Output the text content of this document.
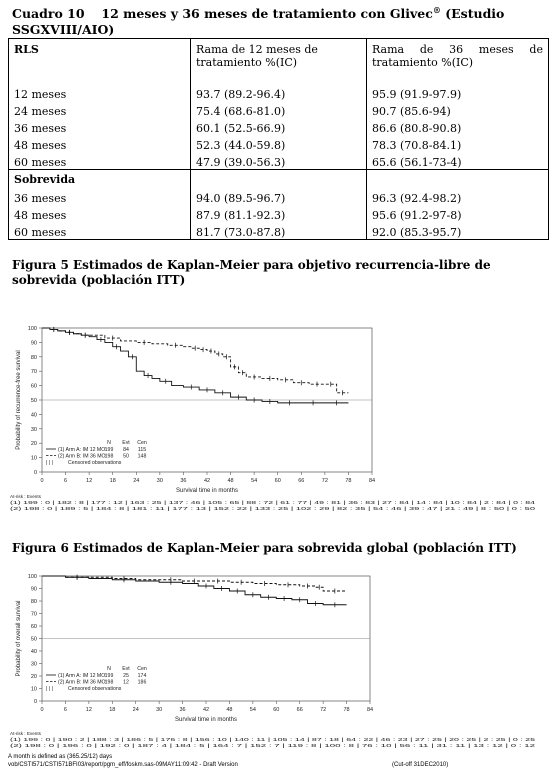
Cuadro 10  12 meses y 36 meses de tratamiento con Glivec® (Estudio SSGXVIII/AIO)
RLS	Rama de 12 meses de tratamiento %(IC)	Rama de 36 meses de tratamiento %(IC)
12 meses	93.7 (89.2-96.4)	95.9 (91.9-97.9)
24 meses	75.4 (68.6-81.0)	90.7 (85.6-94)
36 meses	60.1 (52.5-66.9)	86.6 (80.8-90.8)
48 meses	52.3 (44.0-59.8)	78.3 (70.8-84.1)
60 meses	47.9 (39.0-56.3)	65.6 (56.1-73-4)
Sobrevida		
36 meses	94.0 (89.5-96.7)	96.3 (92.4-98.2)
48 meses	87.9 (81.1-92.3)	95.6 (91.2-97-8)
60 meses	81.7 (73.0-87.8)	92.0 (85.3-95.7)
Figura 5 Estimados de Kaplan-Meier para objetivo recurrencia-libre de sobrevida (población ITT)
0
10
20
30
40
50
60
70
80
90
100
0	6	12	18	24	30	36	42	48	54	60	66	72	78	84
Survival time in months
Probability of recurrence-free survival	N Evt Cen
(1) Arm A: IM 12 MO:
199 84 115
(2) Arm B: IM 36 MO:
198 50 148
| | |	Censored observations
At-risk : Events
(1) 199 : 0 | 182 : 8 | 177 : 12 | 163 : 25 | 137 : 46 | 105 : 65 | 88 : 72 | 61 : 77 | 49 : 81 | 36 : 83 | 27 : 84 | 14 : 84 | 10 : 84 | 2 : 84 | 0 : 84
(2) 198 : 0 | 189 : 5 | 184 : 8 | 181 : 11 | 177 : 13 | 152 : 22 | 133 : 25 | 102 : 29 | 82 : 35 | 54 : 46 | 39 : 47 | 21 : 49 | 8 : 50 | 0 : 50
Figura 6 Estimados de Kaplan-Meier para sobrevida global (población ITT)
0
10
20
30
40
50
60
70
80
90
100
0	6	12	18	24	30	36	42	48	54	60	66	72	78	84
Survival time in months
Probability of overall survival	N Evt Cen
(1) Arm A: IM 12 MO:
199 25 174
(2) Arm B: IM 36 MO:
198 12 186
| | |	Censored observations
At-risk : Events
(1) 199 : 0 | 190 : 2 | 188 : 3 | 186 : 5 | 176 : 8 | 156 : 10 | 140 : 11 | 105 : 14 | 87 : 18 | 64 : 22 | 46 : 23 | 27 : 25 | 20 : 25 | 2 : 25 | 0 : 25
(2) 198 : 0 | 196 : 0 | 192 : 0 | 187 : 4 | 184 : 5 | 164 : 7 | 152 : 7 | 119 : 8 | 100 : 8 | 76 : 10 | 56 : 11 | 31 : 11 | 13 : 12 | 0 : 12
A month is defined as (365.25/12) days
vob/CSTI571/CSTI571BFI03/report/pgm_eff/foskm.sas-09MAY11:09:42 - Draft Version	(Cut-off 31DEC2010)
